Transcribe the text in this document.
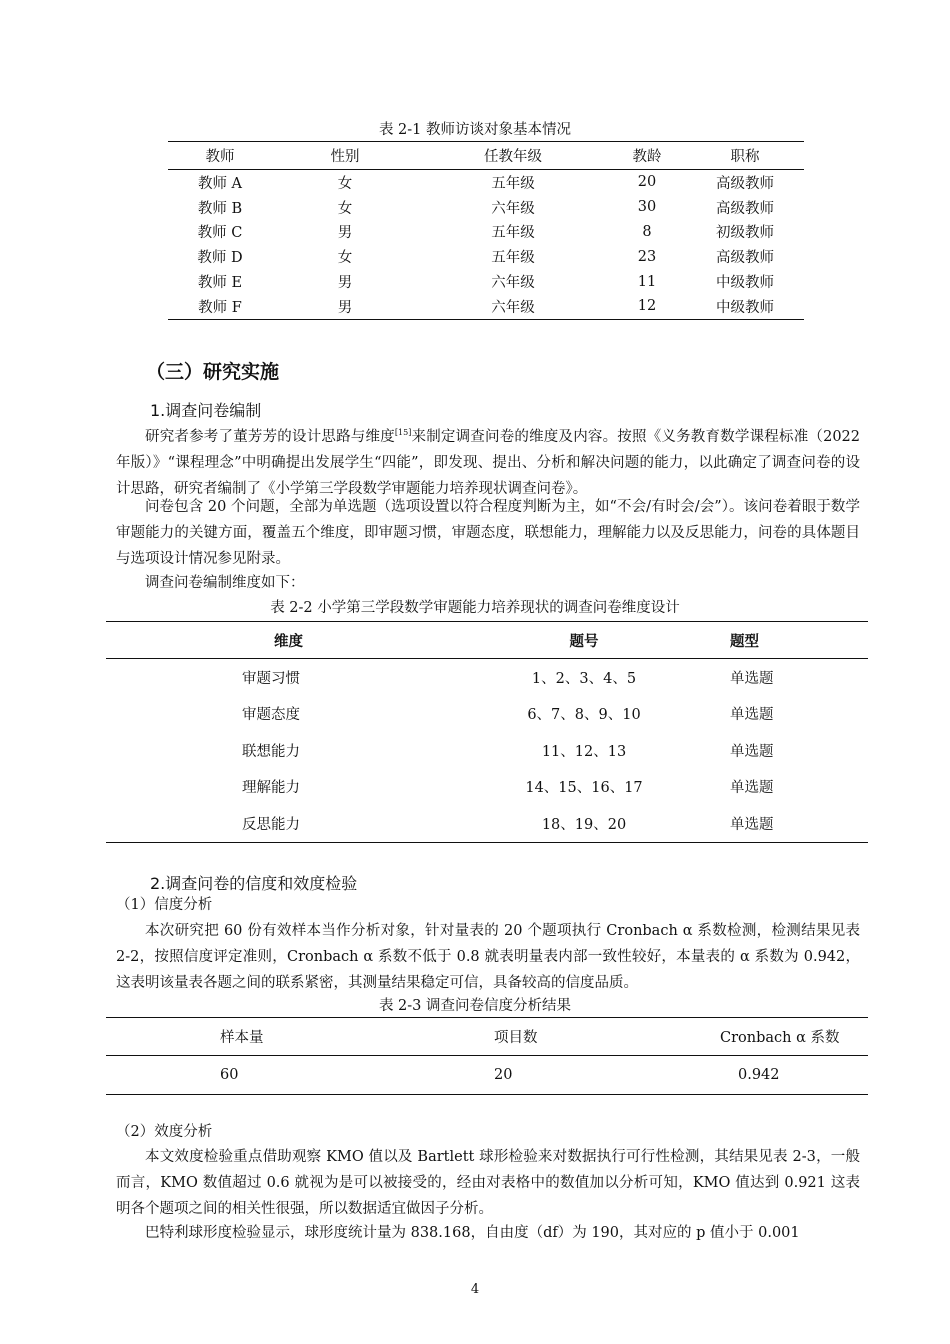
表 2-1 教师访谈对象基本情况
教师	性别	任教年级	教龄	职称
教师 A	女	五年级	20	高级教师
教师 B	女	六年级	30	高级教师
教师 C	男	五年级	8	初级教师
教师 D	女	五年级	23	高级教师
教师 E	男	六年级	11	中级教师
教师 F	男	六年级	12	中级教师
（三）研究实施
1.调查问卷编制

研究者参考了董芳芳的设计思路与维度[15]来制定调查问卷的维度及内容。按照《义务教育数学课程标准（2022 年版）》“课程理念”中明确提出发展学生“四能”，即发现、提出、分析和解决问题的能力，以此确定了调查问卷的设计思路，研究者编制了《小学第三学段数学审题能力培养现状调查问卷》。

问卷包含 20 个问题，全部为单选题（选项设置以符合程度判断为主，如“不会/有时会/会”）。该问卷着眼于数学审题能力的关键方面，覆盖五个维度，即审题习惯，审题态度，联想能力，理解能力以及反思能力，问卷的具体题目与选项设计情况参见附录。

调查问卷编制维度如下：

表 2-2 小学第三学段数学审题能力培养现状的调查问卷维度设计
维度	题号	题型
审题习惯	1、2、3、4、5	单选题
审题态度	6、7、8、9、10	单选题
联想能力	11、12、13	单选题
理解能力	14、15、16、17	单选题
反思能力	18、19、20	单选题
2.调查问卷的信度和效度检验

（1）信度分析

本次研究把 60 份有效样本当作分析对象，针对量表的 20 个题项执行 Cronbach α 系数检测，检测结果见表 2-2，按照信度评定准则，Cronbach α 系数不低于 0.8 就表明量表内部一致性较好，本量表的 α 系数为 0.942，这表明该量表各题之间的联系紧密，其测量结果稳定可信，具备较高的信度品质。

表 2-3 调查问卷信度分析结果
样本量	项目数	Cronbach α 系数
60	20	0.942

（2）效度分析

本文效度检验重点借助观察 KMO 值以及 Bartlett 球形检验来对数据执行可行性检测，其结果见表 2-3，一般而言，KMO 数值超过 0.6 就视为是可以被接受的，经由对表格中的数值加以分析可知，KMO 值达到 0.921 这表明各个题项之间的相关性很强，所以数据适宜做因子分析。

巴特利球形度检验显示，球形度统计量为 838.168，自由度（df）为 190，其对应的 p 值小于 0.001

4
